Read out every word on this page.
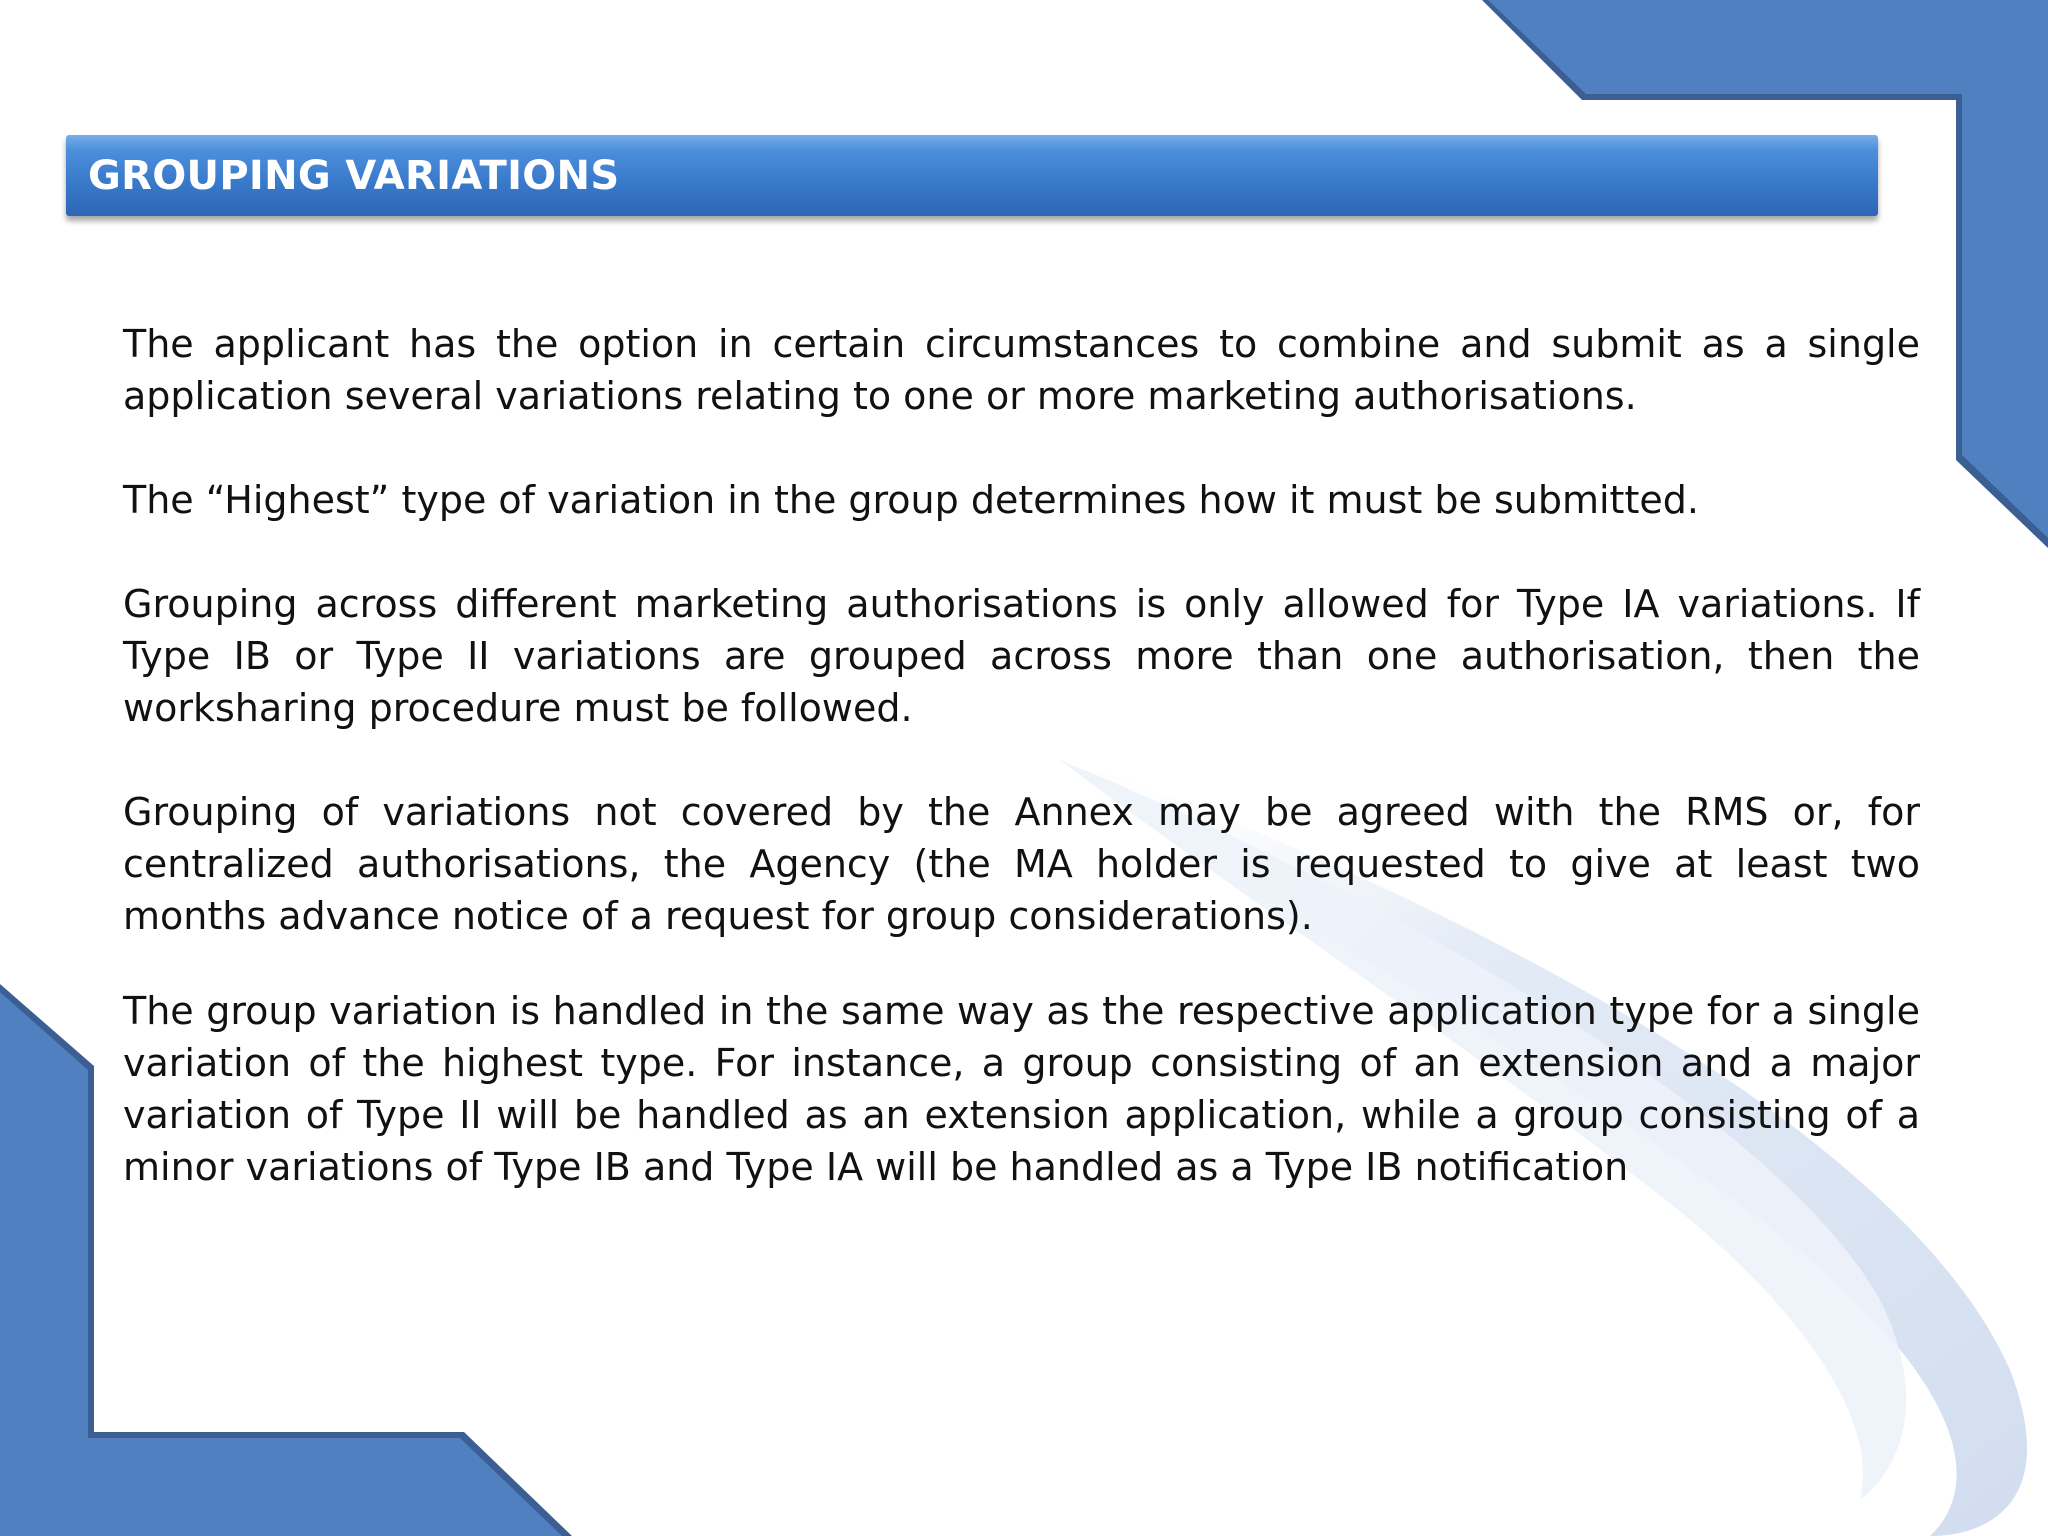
GROUPING VARIATIONS

The applicant has the option in certain circumstances to combine and submit as a single application several variations relating to one or more marketing authorisations.

The “Highest” type of variation in the group determines how it must be submitted.

Grouping across different marketing authorisations is only allowed for Type IA variations. If Type IB or Type II variations are grouped across more than one authorisation, then the worksharing procedure must be followed.

Grouping of variations not covered by the Annex may be agreed with the RMS or, for centralized authorisations, the Agency (the MA holder is requested to give at least two months advance notice of a request for group considerations).

The group variation is handled in the same way as the respective application type for a single variation of the highest type. For instance, a group consisting of an extension and a major variation of Type II will be handled as an extension application, while a group consisting of a minor variations of Type IB and Type IA will be handled as a Type IB notification
